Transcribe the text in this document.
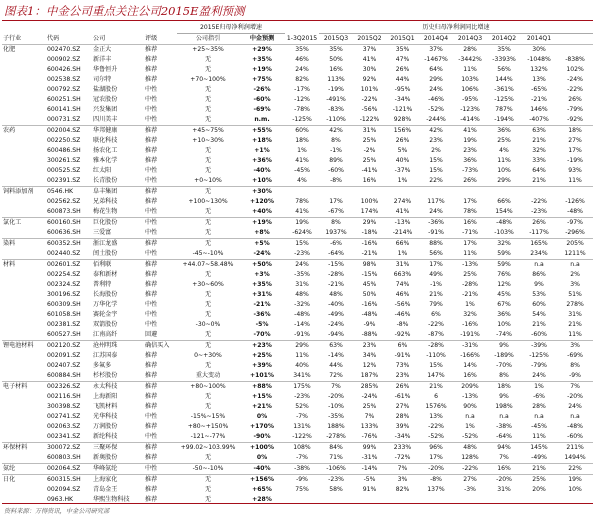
图表1：中金公司重点关注公司2015E盈利预测
				2015E归母净利润增速			历史归母净利润同比增速							
子行业	代码	公司	评级	公司指引	中金预测	1-3Q2015	2015Q3	2015Q2	2015Q1	2014Q4	2014Q3	2014Q2	2014Q1	
化肥	002470.SZ	金正大	推荐	+25~35%	+29%	35%	35%	37%	35%	37%	28%	35%	30%	
	000902.SZ	新洋丰	推荐	无	+35%	46%	50%	41%	47%	-1467%	-3442%	-3393%	-1048%	-838%
	600426.SH	华鲁恒升	推荐	无	+19%	24%	16%	30%	26%	64%	11%	56%	132%	102%
	002538.SZ	司尔特	推荐	+70~100%	+75%	82%	113%	92%	44%	29%	103%	144%	13%	-24%
	000792.SZ	盐湖股份	中性	无	-26%	-17%	-19%	101%	-95%	24%	106%	-361%	-65%	-22%
	600251.SH	冠农股份	中性	无	-60%	-12%	-491%	-22%	-34%	-46%	-95%	-125%	-21%	26%
	600141.SH	兴发集团	中性	无	-69%	-78%	-83%	-56%	-121%	-52%	-123%	787%	146%	-79%
	000731.SZ	四川美丰	中性	无	n.m.	-125%	-110%	-122%	928%	-244%	-414%	-194%	-407%	-92%
农药	002004.SZ	华邦健康	推荐	+45~75%	+55%	60%	42%	31%	156%	42%	41%	36%	63%	18%
	002250.SZ	联化科技	推荐	+10~30%	+18%	18%	8%	25%	26%	23%	19%	25%	21%	27%
	600486.SH	扬农化工	推荐	无	+1%	1%	-1%	-2%	5%	2%	23%	4%	32%	17%
	300261.SZ	雅本化学	推荐	无	+36%	41%	89%	25%	40%	15%	36%	11%	33%	-19%
	000525.SZ	红太阳	中性	无	-40%	-45%	-60%	-41%	-37%	15%	-73%	10%	64%	93%
	002391.SZ	长青股份	中性	+0~10%	+10%	4%	-8%	16%	1%	22%	26%	29%	21%	11%
饲料添加剂	0546.HK	阜丰集团	推荐	无	+30%									
	002562.SZ	兄弟科技	推荐	+100~130%	+120%	78%	17%	100%	274%	117%	17%	66%	-22%	-126%
	600873.SH	梅花生物	中性	无	+40%	41%	-67%	174%	41%	24%	78%	154%	-23%	-48%
氯化工	600160.SH	巨化股份	中性	无	+19%	19%	8%	29%	-13%	-36%	16%	-48%	26%	-97%
	600636.SH	三爱富	中性	无	+8%	-624%	1937%	-18%	-214%	-91%	-71%	-103%	-117%	-296%
染料	600352.SH	浙江龙盛	推荐	无	+5%	15%	-6%	-16%	66%	88%	17%	32%	165%	205%
	002440.SZ	闰土股份	中性	-45~-10%	-24%	-23%	-64%	-21%	1%	56%	11%	59%	234%	1211%
材料	002601.SZ	佰利联	推荐	+44.07~58.48%	+50%	24%	-15%	98%	31%	17%	-13%	59%	n.a	n.a
	002254.SZ	泰和新材	推荐	无	+3%	-35%	-28%	-15%	663%	49%	25%	76%	86%	2%
	002324.SZ	普利特	推荐	+30~60%	+35%	31%	-21%	45%	74%	-1%	-28%	12%	9%	3%
	300196.SZ	长海股份	推荐	无	+31%	48%	48%	50%	46%	21%	-21%	45%	53%	51%
	600309.SH	万华化学	中性	无	-21%	-32%	-40%	-16%	-56%	79%	1%	67%	60%	278%
	601058.SH	赛轮金宇	中性	无	-36%	-48%	-49%	-48%	-46%	6%	32%	36%	54%	31%
	002381.SZ	双箭股份	中性	-30~0%	-5%	-14%	-24%	-9%	-8%	-22%	-16%	10%	21%	21%
	600527.SH	江南高纤	回避	无	-70%	-91%	-94%	-88%	-92%	-87%	-191%	-74%	-60%	11%
锂电池材料	002120.SZ	沧州明珠	确信买入	无	+23%	29%	63%	23%	6%	-28%	-31%	9%	-39%	3%
	002091.SZ	江苏国泰	推荐	0~+30%	+25%	11%	-14%	34%	-91%	-110%	-166%	-189%	-125%	-69%
	002407.SZ	多氟多	推荐	无	+39%	40%	44%	12%	73%	15%	14%	-70%	-79%	8%
	600884.SH	杉杉股份	推荐	重大变动	+101%	341%	72%	187%	23%	147%	16%	8%	24%	-9%
电子材料	002326.SZ	永太科技	推荐	+80~100%	+88%	175%	7%	285%	26%	21%	209%	18%	1%	7%
	002116.SH	上海新阳	推荐	无	+15%	-23%	-20%	-24%	-61%	6	-13%	9%	-6%	-20%
	300398.SZ	飞凯材料	推荐	无	+21%	52%	-10%	25%	27%	1576%	90%	198%	28%	24%
	002741.SZ	光华科技	中性	-15%~15%	0%	-7%	-35%	7%	28%	13%	n.a	n.a	n.a	n.a
	002063.SZ	万润股份	推荐	+80~+150%	+170%	131%	188%	133%	39%	-22%	1%	-38%	-45%	-48%
	002341.SZ	新纶科技	中性	-121~-77%	-90%	-122%	-278%	-76%	-34%	-52%	-52%	-64%	11%	-60%
环保材料	300072.SZ	三聚环保	推荐	+99.02~103.99%	+100%	108%	84%	99%	233%	96%	48%	94%	145%	211%
	600803.SH	新奥股份	推荐	无	0%	-7%	71%	-31%	-72%	17%	128%	7%	-49%	1494%
氨纶	002064.SZ	华峰氨纶	中性	-50~-10%	-40%	-38%	-106%	-14%	7%	-20%	-22%	16%	21%	22%
日化	600315.SH	上海家化	推荐	无	+156%	-9%	-23%	-5%	3%	-8%	27%	-20%	25%	19%
	002094.SZ	青岛金王	推荐	无	+65%	75%	58%	91%	82%	137%	-3%	31%	20%	10%
	0963.HK	华熙生物科技	推荐	无	+28%									
资料来源：万得资讯，中金公司研究部
